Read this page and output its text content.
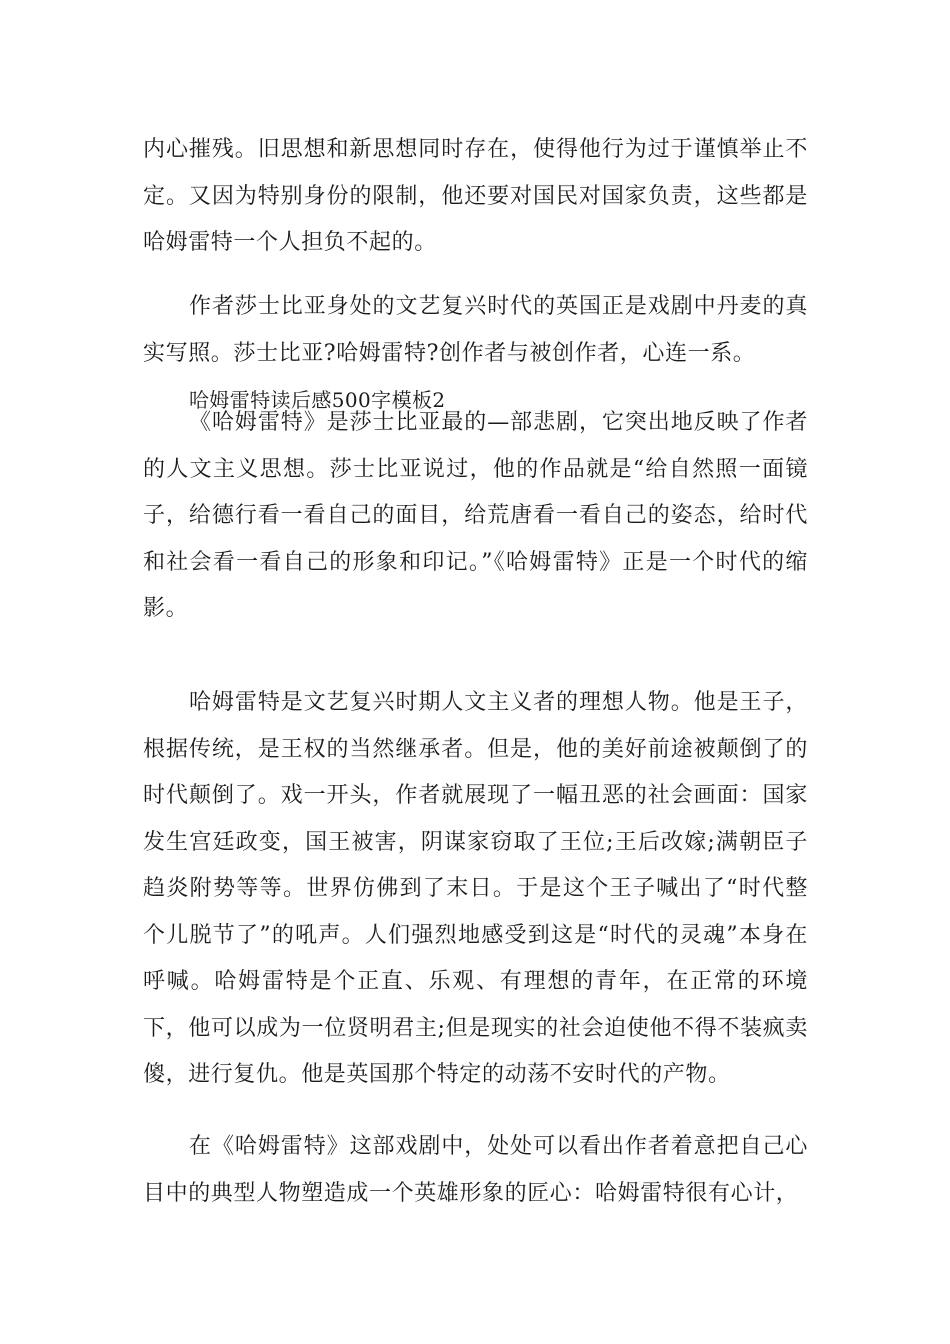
内心摧残。旧思想和新思想同时存在，使得他行为过于谨慎举止不定。又因为特别身份的限制，他还要对国民对国家负责，这些都是哈姆雷特一个人担负不起的。

作者莎士比亚身处的文艺复兴时代的英国正是戏剧中丹麦的真实写照。莎士比亚?哈姆雷特?创作者与被创作者，心连一系。

哈姆雷特读后感500字模板2

《哈姆雷特》是莎士比亚最的—部悲剧，它突出地反映了作者的人文主义思想。莎士比亚说过，他的作品就是“给自然照一面镜子，给德行看一看自己的面目，给荒唐看一看自己的姿态，给时代和社会看一看自己的形象和印记。”《哈姆雷特》正是一个时代的缩影。

哈姆雷特是文艺复兴时期人文主义者的理想人物。他是王子，根据传统，是王权的当然继承者。但是，他的美好前途被颠倒了的时代颠倒了。戏一开头，作者就展现了一幅丑恶的社会画面：国家发生宫廷政变，国王被害，阴谋家窃取了王位;王后改嫁;满朝臣子趋炎附势等等。世界仿佛到了末日。于是这个王子喊出了“时代整个儿脱节了”的吼声。人们强烈地感受到这是“时代的灵魂”本身在呼喊。哈姆雷特是个正直、乐观、有理想的青年，在正常的环境下，他可以成为一位贤明君主;但是现实的社会迫使他不得不装疯卖傻，进行复仇。他是英国那个特定的动荡不安时代的产物。

在《哈姆雷特》这部戏剧中，处处可以看出作者着意把自己心目中的典型人物塑造成一个英雄形象的匠心：哈姆雷特很有心计，
